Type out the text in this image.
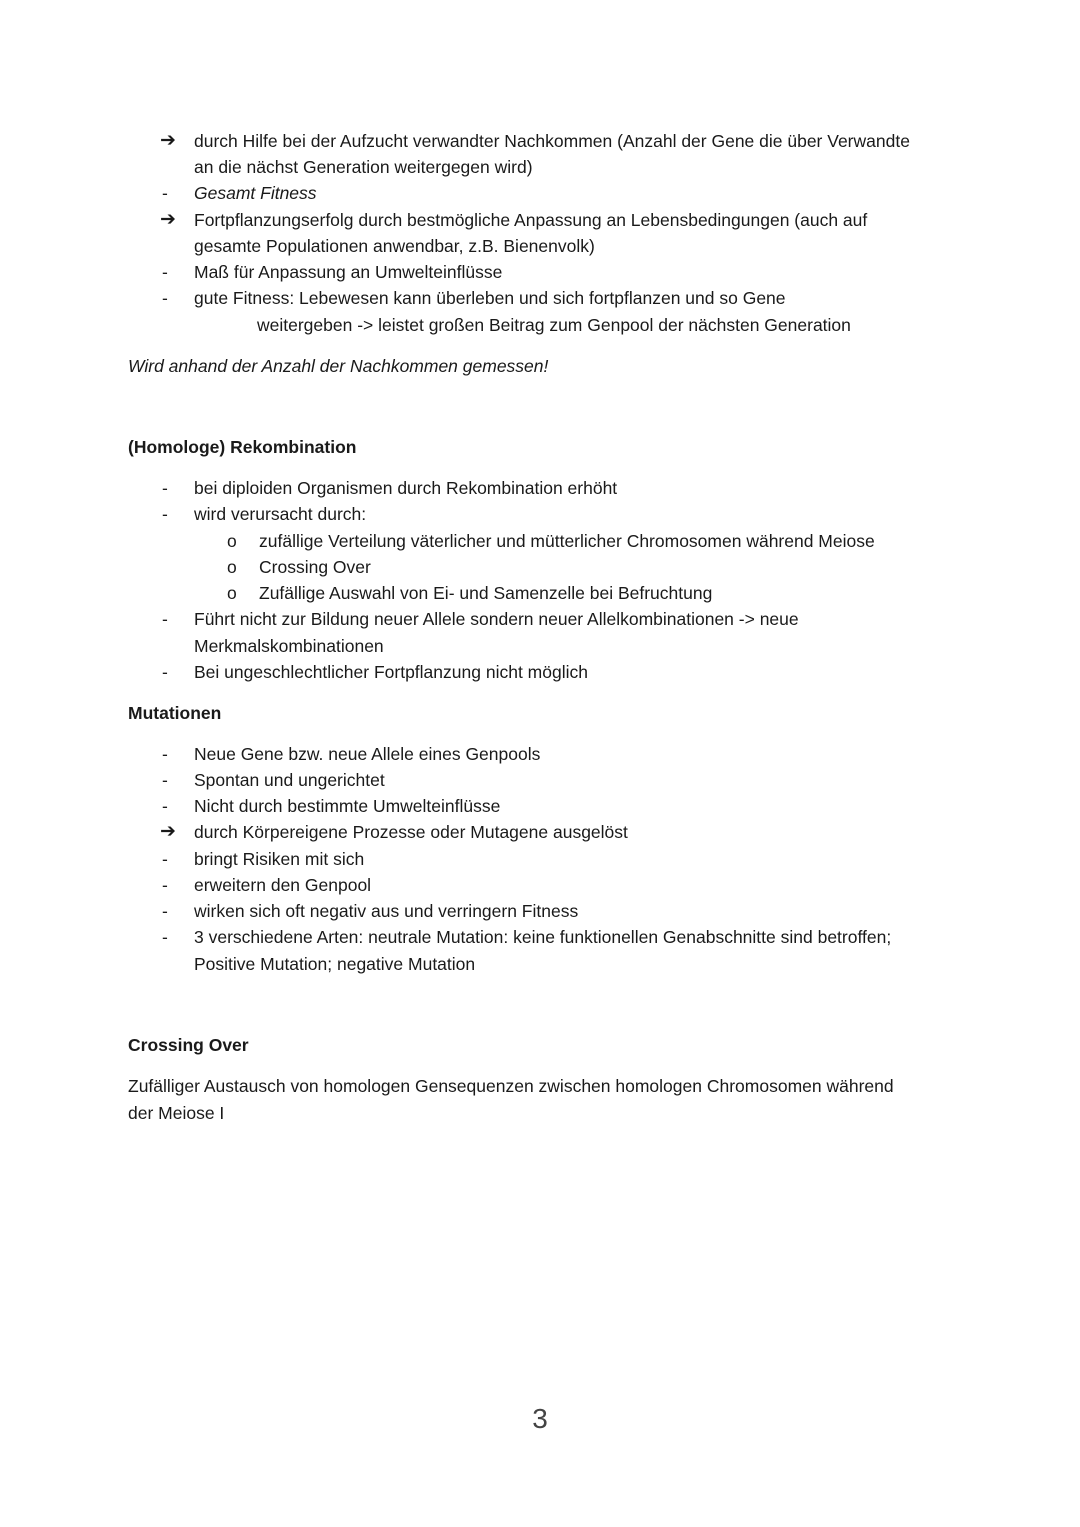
➔ durch Hilfe bei der Aufzucht verwandter Nachkommen (Anzahl der Gene die über Verwandte
an die nächst Generation weitergegen wird)
- Gesamt Fitness
➔ Fortpflanzungserfolg durch bestmögliche Anpassung an Lebensbedingungen (auch auf
gesamte Populationen anwendbar, z.B. Bienenvolk)
- Maß für Anpassung an Umwelteinflüsse
- gute Fitness: Lebewesen kann überleben und sich fortpflanzen und so Gene
weitergeben -> leistet großen Beitrag zum Genpool der nächsten Generation
Wird anhand der Anzahl der Nachkommen gemessen!
(Homologe) Rekombination
- bei diploiden Organismen durch Rekombination erhöht
- wird verursacht durch:
o zufällige Verteilung väterlicher und mütterlicher Chromosomen während Meiose
o Crossing Over
o Zufällige Auswahl von Ei- und Samenzelle bei Befruchtung
- Führt nicht zur Bildung neuer Allele sondern neuer Allelkombinationen -> neue
Merkmalskombinationen
- Bei ungeschlechtlicher Fortpflanzung nicht möglich
Mutationen
- Neue Gene bzw. neue Allele eines Genpools
- Spontan und ungerichtet
- Nicht durch bestimmte Umwelteinflüsse
➔ durch Körpereigene Prozesse oder Mutagene ausgelöst
- bringt Risiken mit sich
- erweitern den Genpool
- wirken sich oft negativ aus und verringern Fitness
- 3 verschiedene Arten: neutrale Mutation: keine funktionellen Genabschnitte sind betroffen;
Positive Mutation; negative Mutation
Crossing Over
Zufälliger Austausch von homologen Gensequenzen zwischen homologen Chromosomen während
der Meiose I
3
